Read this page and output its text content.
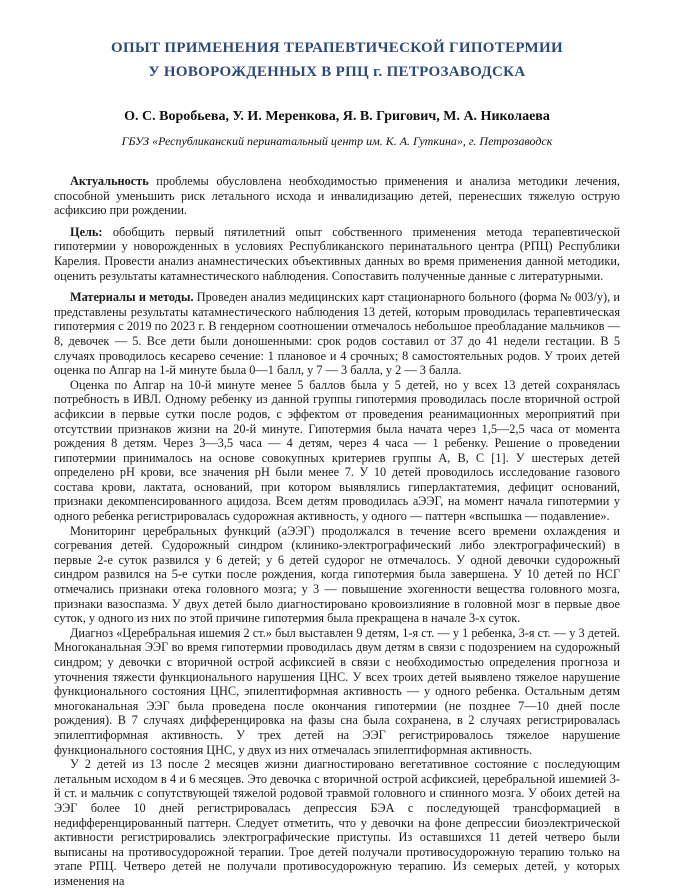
ОПЫТ ПРИМЕНЕНИЯ ТЕРАПЕВТИЧЕСКОЙ ГИПОТЕРМИИ
У НОВОРОЖДЕННЫХ В РПЦ г. ПЕТРОЗАВОДСКА
О. С. Воробьева, У. И. Меренкова, Я. В. Григович, М. А. Николаева
ГБУЗ «Республиканский перинатальный центр им. К. А. Гуткина», г. Петрозаводск

Актуальность проблемы обусловлена необходимостью применения и анализа методики лечения, способной уменьшить риск летального исхода и инвалидизацию детей, перенесших тяжелую острую асфиксию при рождении.

Цель: обобщить первый пятилетний опыт собственного применения метода терапевтической гипотермии у новорожденных в условиях Республиканского перинатального центра (РПЦ) Республики Карелия. Провести анализ анамнестических объективных данных во время применения данной методики, оценить результаты катамнестического наблюдения. Сопоставить полученные данные с литературными.

Материалы и методы. Проведен анализ медицинских карт стационарного больного (форма № 003/у), и представлены результаты катамнестического наблюдения 13 детей, которым проводилась терапевтическая гипотермия с 2019 по 2023 г. В гендерном соотношении отмечалось небольшое преобладание мальчиков — 8, девочек — 5. Все дети были доношенными: срок родов составил от 37 до 41 недели гестации. В 5 случаях проводилось кесарево сечение: 1 плановое и 4 срочных; 8 самостоятельных родов. У троих детей оценка по Апгар на 1-й минуте была 0—1 балл, у 7 — 3 балла, у 2 — 3 балла.

Оценка по Апгар на 10-й минуте менее 5 баллов была у 5 детей, но у всех 13 детей сохранялась потребность в ИВЛ. Одному ребенку из данной группы гипотермия проводилась после вторичной острой асфиксии в первые сутки после родов, с эффектом от проведения реанимационных мероприятий при отсутствии признаков жизни на 20-й минуте. Гипотермия была начата через 1,5—2,5 часа от момента рождения 8 детям. Через 3—3,5 часа — 4 детям, через 4 часа — 1 ребенку. Решение о проведении гипотермии принималось на основе совокупных критериев группы А, В, С [1]. У шестерых детей определено pH крови, все значения pH были менее 7. У 10 детей проводилось исследование газового состава крови, лактата, оснований, при котором выявлялись гиперлактатемия, дефицит оснований, признаки декомпенсированного ацидоза. Всем детям проводилась аЭЭГ, на момент начала гипотермии у одного ребенка регистрировалась судорожная активность, у одного — паттерн «вспышка — подавление».

Мониторинг церебральных функций (аЭЭГ) продолжался в течение всего времени охлаждения и согревания детей. Судорожный синдром (клинико-электрографический либо электрографический) в первые 2-е суток развился у 6 детей; у 6 детей судорог не отмечалось. У одной девочки судорожный синдром развился на 5-е сутки после рождения, когда гипотермия была завершена. У 10 детей по НСГ отмечались признаки отека головного мозга; у 3 — повышение эхогенности вещества головного мозга, признаки вазоспазма. У двух детей было диагностировано кровоизлияние в головной мозг в первые двое суток, у одного из них по этой причине гипотермия была прекращена в начале 3-х суток.

Диагноз «Церебральная ишемия 2 ст.» был выставлен 9 детям, 1-я ст. — у 1 ребенка, 3-я ст. — у 3 детей. Многоканальная ЭЭГ во время гипотермии проводилась двум детям в связи с подозрением на судорожный синдром; у девочки с вторичной острой асфиксией в связи с необходимостью определения прогноза и уточнения тяжести функционального нарушения ЦНС. У всех троих детей выявлено тяжелое нарушение функционального состояния ЦНС, эпилептиформная активность — у одного ребенка. Остальным детям многоканальная ЭЭГ была проведена после окончания гипотермии (не позднее 7—10 дней после рождения). В 7 случаях дифференцировка на фазы сна была сохранена, в 2 случаях регистрировалась эпилептиформная активность. У трех детей на ЭЭГ регистрировалось тяжелое нарушение функционального состояния ЦНС, у двух из них отмечалась эпилептиформная активность.

У 2 детей из 13 после 2 месяцев жизни диагностировано вегетативное состояние с последующим летальным исходом в 4 и 6 месяцев. Это девочка с вторичной острой асфиксией, церебральной ишемией 3-й ст. и мальчик с сопутствующей тяжелой родовой травмой головного и спинного мозга. У обоих детей на ЭЭГ более 10 дней регистрировалась депрессия БЭА с последующей трансформацией в недифференцированный паттерн. Следует отметить, что у девочки на фоне депрессии биоэлектрической активности регистрировались электрографические приступы. Из оставшихся 11 детей четверо были выписаны на противосудорожной терапии. Трое детей получали противосудорожную терапию только на этапе РПЦ. Четверо детей не получали противосудорожную терапию. Из семерых детей, у которых изменения на
